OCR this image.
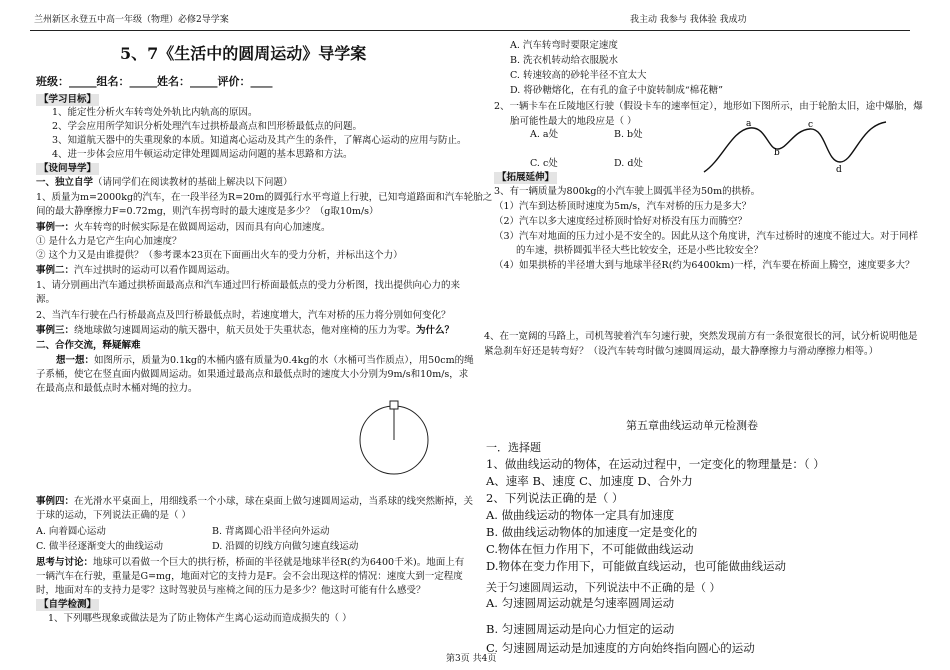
兰州新区永登五中高一年级（物理）必修2导学案	我主动 我参与 我体验 我成功
5、7《生活中的圆周运动》导学案
班级：_____组名：_____姓名：_____评价：____
【学习目标】
1、能定性分析火车转弯处外轨比内轨高的原因。
2、学会应用所学知识分析处理汽车过拱桥最高点和凹形桥最低点的问题。
3、知道航天器中的失重现象的本质。知道离心运动及其产生的条件，了解离心运动的应用与防止。
4、进一步体会应用牛顿运动定律处理圆周运动问题的基本思路和方法。
【设问导学】
一、独立自学（请同学们在阅读教材的基础上解决以下问题）
1、质量为m=2000kg的汽车，在一段半径为R=20m的圆弧行水平弯道上行驶，已知弯道路面和汽车轮胎之
间的最大静摩擦力F=0.72mg，则汽车拐弯时的最大速度是多少？（g取10m/s）
事例一：火车转弯的时候实际是在做圆周运动，因而具有向心加速度。
① 是什么力是它产生向心加速度？
② 这个力又是由谁提供？（参考课本23页在下面画出火车的受力分析，并标出这个力）
事例二：汽车过拱时的运动可以看作圆周运动。
1、请分别画出汽车通过拱桥面最高点和汽车通过凹行桥面最低点的受力分析图，找出提供向心力的来
源。
2、当汽车行驶在凸行桥最高点及凹行桥最低点时，若速度增大，汽车对桥的压力将分别如何变化？
事例三：绕地球做匀速圆周运动的航天器中，航天员处于失重状态，他对座椅的压力为零。为什么？
二、合作交流，释疑解难
想一想：如图所示，质量为0.1kg的木桶内盛有质量为0.4kg的水（水桶可当作质点），用50cm的绳
子系桶，使它在竖直面内做圆周运动。如果通过最高点和最低点时的速度大小分别为9m/s和10m/s，求
在最高点和最低点时木桶对绳的拉力。
事例四：在光滑水平桌面上，用细线系一个小球，球在桌面上做匀速圆周运动，当系球的线突然断掉，关
于球的运动，下列说法正确的是（ ）
A. 向着圆心运动	B. 背离圆心沿半径向外运动
C. 做半径逐渐变大的曲线运动	D. 沿圆的切线方向做匀速直线运动
思考与讨论：地球可以看做一个巨大的拱行桥，桥面的半径就是地球半径R(约为6400千米)。地面上有
一辆汽车在行驶，重量是G=mg，地面对它的支持力是F。会不会出现这样的情况：速度大到一定程度
时，地面对车的支持力是零？这时驾驶员与座椅之间的压力是多少？他这时可能有什么感受？
【自学检测】
1、下列哪些现象或做法是为了防止物体产生离心运动而造成损失的（ ）
A. 汽车转弯时要限定速度
B. 洗衣机转动给衣服脱水
C. 转速较高的砂轮半径不宜太大
D. 将砂糖熔化，在有孔的盒子中旋转制成“棉花糖”
2、一辆卡车在丘陵地区行驶（假设卡车的速率恒定），地形如下图所示，由于轮胎太旧，途中爆胎，爆
胎可能性最大的地段应是（ ）
A. a处	B. b处
C. c处	D. d处
a
b
c
d
【拓展延伸】
3、有一辆质量为800kg的小汽车驶上圆弧半径为50m的拱桥。
（1）汽车到达桥顶时速度为5m/s，汽车对桥的压力是多大？
（2）汽车以多大速度经过桥顶时恰好对桥没有压力而腾空？
（3）汽车对地面的压力过小是不安全的。因此从这个角度讲，汽车过桥时的速度不能过大。对于同样
的车速，拱桥圆弧半径大些比较安全，还是小些比较安全？
（4）如果拱桥的半径增大到与地球半径R(约为6400km)一样，汽车要在桥面上腾空，速度要多大？
4、在一宽阔的马路上，司机驾驶着汽车匀速行驶，突然发现前方有一条很宽很长的河，试分析说明他是
紧急刹车好还是转弯好？（设汽车转弯时做匀速圆周运动，最大静摩擦力与滑动摩擦力相等。）
第五章曲线运动单元检测卷
一．选择题
1、做曲线运动的物体，在运动过程中，一定变化的物理量是：（ ）
A、速率 B、速度 C、加速度 D、合外力
2、下列说法正确的是（ ）
A. 做曲线运动的物体一定具有加速度
B. 做曲线运动物体的加速度一定是变化的
C.物体在恒力作用下，不可能做曲线运动
D.物体在变力作用下，可能做直线运动，也可能做曲线运动
关于匀速圆周运动，下列说法中不正确的是（ ）
A. 匀速圆周运动就是匀速率圆周运动
B. 匀速圆周运动是向心力恒定的运动
C. 匀速圆周运动是加速度的方向始终指向圆心的运动
第3页 共4页
